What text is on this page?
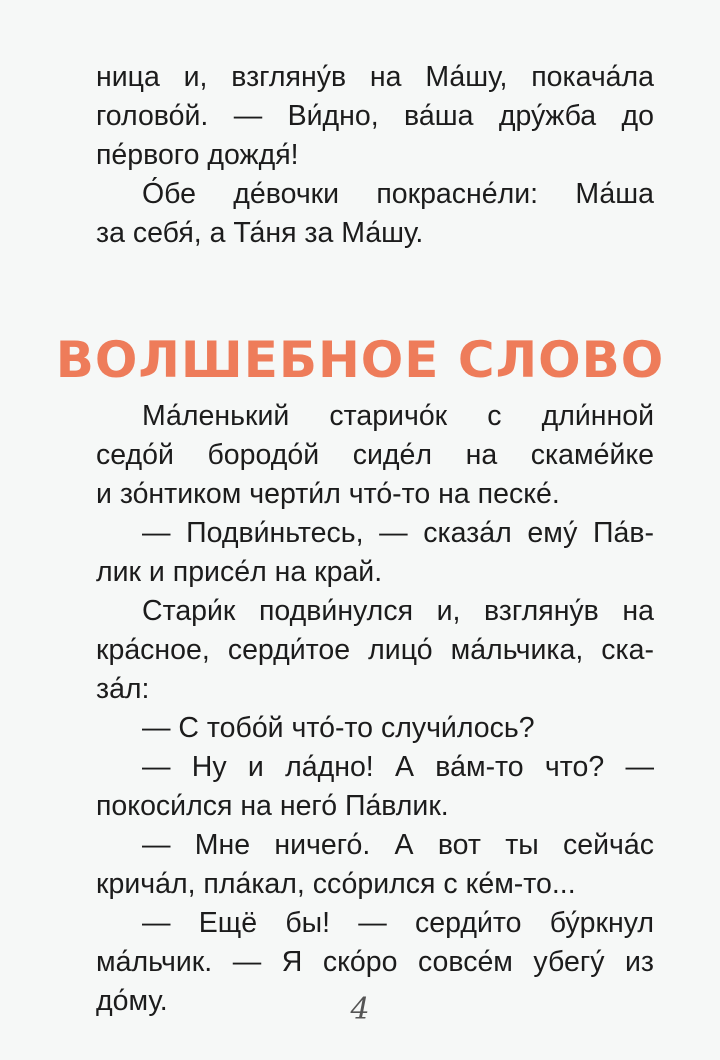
ница и, взгляну́в на Ма́шу, покача́ла
голово́й. — Ви́дно, ва́ша дру́жба до
пе́рвого дождя́!
О́бе де́вочки покрасне́ли: Ма́ша
за себя́, а Та́ня за Ма́шу.
ВОЛШЕБНОЕ СЛОВО
Ма́ленький старичо́к с дли́нной
седо́й бородо́й сиде́л на скаме́йке
и зо́нтиком черти́л что́-то на песке́.
— Подви́ньтесь, — сказа́л ему́ Па́в-
лик и присе́л на край.
Стари́к подви́нулся и, взгляну́в на
кра́сное, серди́тое лицо́ ма́льчика, ска-
за́л:
— С тобо́й что́-то случи́лось?
— Ну и ла́дно! А ва́м-то что? —
покоси́лся на него́ Па́влик.
— Мне ничего́. А вот ты сейча́с
крича́л, пла́кал, ссо́рился с ке́м-то...
— Ещё бы! — серди́то бу́ркнул
ма́льчик. — Я ско́ро совсе́м убегу́ из
до́му.	4
